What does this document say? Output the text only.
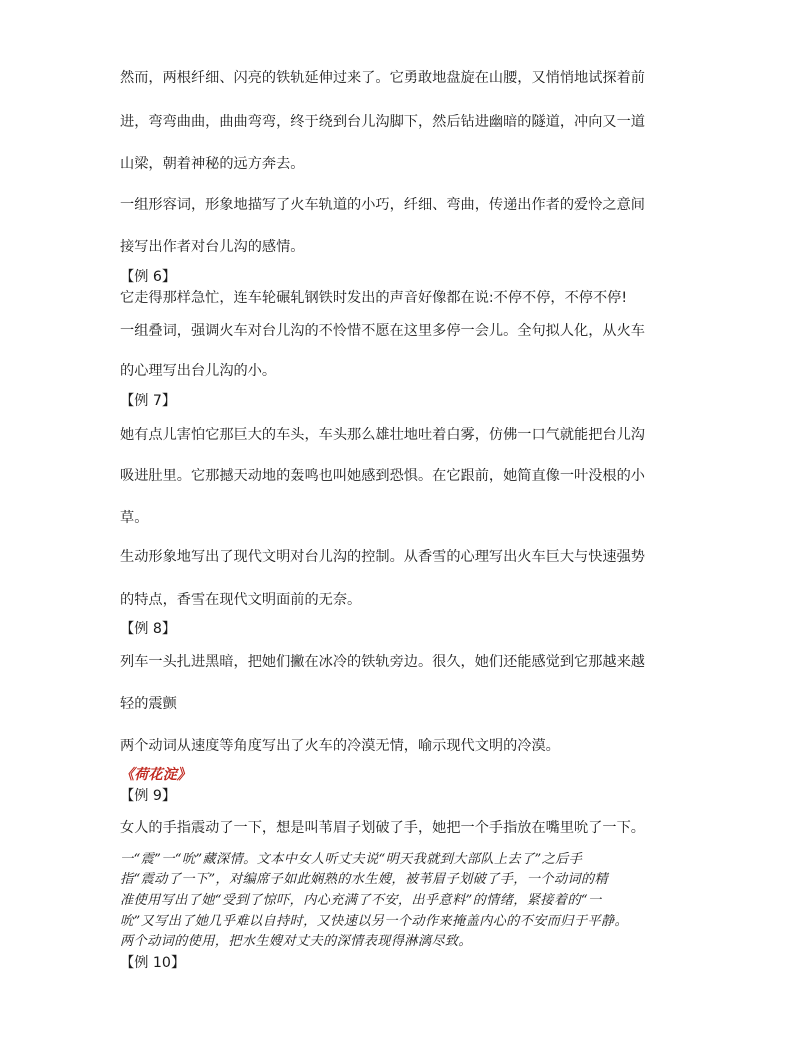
然而，两根纤细、闪亮的铁轨延伸过来了。它勇敢地盘旋在山腰，又悄悄地试探着前
进，弯弯曲曲，曲曲弯弯，终于绕到台儿沟脚下，然后钻进幽暗的隧道，冲向又一道
山梁，朝着神秘的远方奔去。
一组形容词，形象地描写了火车轨道的小巧，纤细、弯曲，传递出作者的爱怜之意间
接写出作者对台儿沟的感情。
【例 6】
它走得那样急忙，连车轮碾轧钢铁时发出的声音好像都在说:不停不停，不停不停!
一组叠词，强调火车对台儿沟的不怜惜不愿在这里多停一会儿。全句拟人化，从火车
的心理写出台儿沟的小。
【例 7】
她有点儿害怕它那巨大的车头，车头那么雄壮地吐着白雾，仿佛一口气就能把台儿沟
吸进肚里。它那撼天动地的轰鸣也叫她感到恐惧。在它跟前，她简直像一叶没根的小
草。
生动形象地写出了现代文明对台儿沟的控制。从香雪的心理写出火车巨大与快速强势
的特点，香雪在现代文明面前的无奈。
【例 8】
列车一头扎进黑暗，把她们撇在冰冷的铁轨旁边。很久，她们还能感觉到它那越来越
轻的震颤
两个动词从速度等角度写出了火车的冷漠无情，喻示现代文明的冷漠。
《荷花淀》
【例 9】
女人的手指震动了一下，想是叫苇眉子划破了手，她把一个手指放在嘴里吮了一下。
一“震”一“吮”藏深情。文本中女人听丈夫说“明天我就到大部队上去了”之后手
指“震动了一下”，对编席子如此娴熟的水生嫂，被苇眉子划破了手，一个动词的精
准使用写出了她“受到了惊吓，内心充满了不安，出乎意料”的情绪，紧接着的“一
吮”又写出了她几乎难以自持时，又快速以另一个动作来掩盖内心的不安而归于平静。
两个动词的使用，把水生嫂对丈夫的深情表现得淋漓尽致。
【例 10】
